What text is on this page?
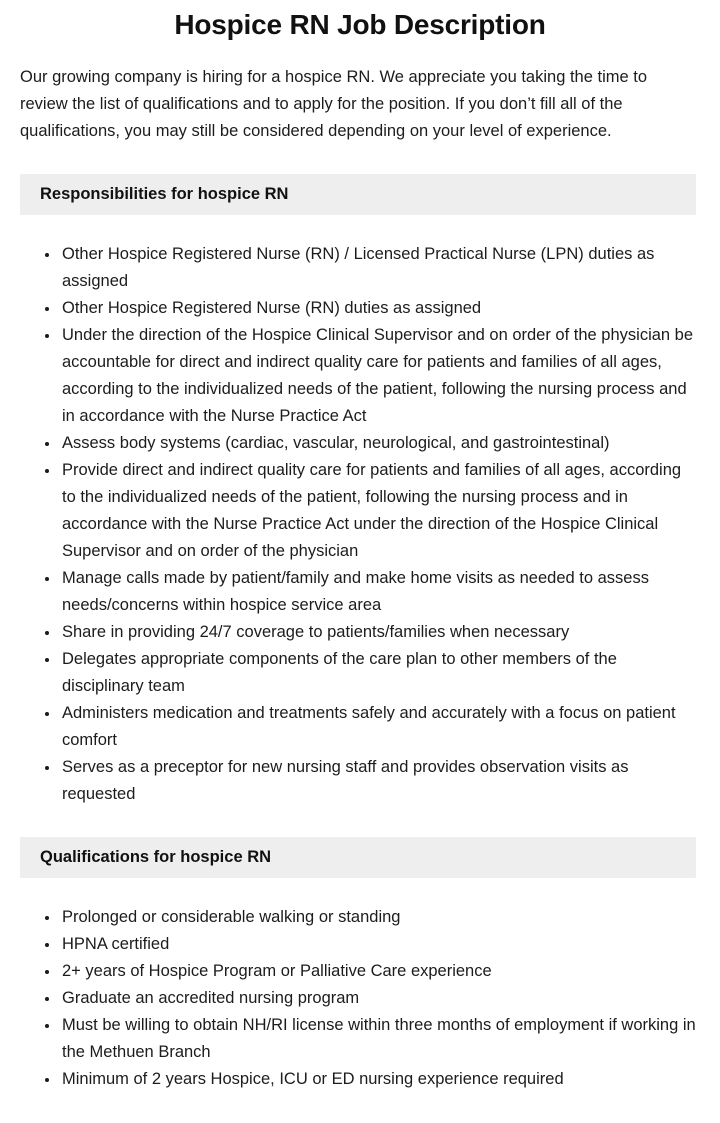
Hospice RN Job Description

Our growing company is hiring for a hospice RN. We appreciate you taking the time to review the list of qualifications and to apply for the position. If you don’t fill all of the qualifications, you may still be considered depending on your level of experience.

Responsibilities for hospice RN
• Other Hospice Registered Nurse (RN) / Licensed Practical Nurse (LPN) duties as assigned
• Other Hospice Registered Nurse (RN) duties as assigned
• Under the direction of the Hospice Clinical Supervisor and on order of the physician be accountable for direct and indirect quality care for patients and families of all ages, according to the individualized needs of the patient, following the nursing process and in accordance with the Nurse Practice Act
• Assess body systems (cardiac, vascular, neurological, and gastrointestinal)
• Provide direct and indirect quality care for patients and families of all ages, according to the individualized needs of the patient, following the nursing process and in accordance with the Nurse Practice Act under the direction of the Hospice Clinical Supervisor and on order of the physician
• Manage calls made by patient/family and make home visits as needed to assess needs/concerns within hospice service area
• Share in providing 24/7 coverage to patients/families when necessary
• Delegates appropriate components of the care plan to other members of the disciplinary team
• Administers medication and treatments safely and accurately with a focus on patient comfort
• Serves as a preceptor for new nursing staff and provides observation visits as requested
Qualifications for hospice RN
• Prolonged or considerable walking or standing
• HPNA certified
• 2+ years of Hospice Program or Palliative Care experience
• Graduate an accredited nursing program
• Must be willing to obtain NH/RI license within three months of employment if working in the Methuen Branch
• Minimum of 2 years Hospice, ICU or ED nursing experience required
